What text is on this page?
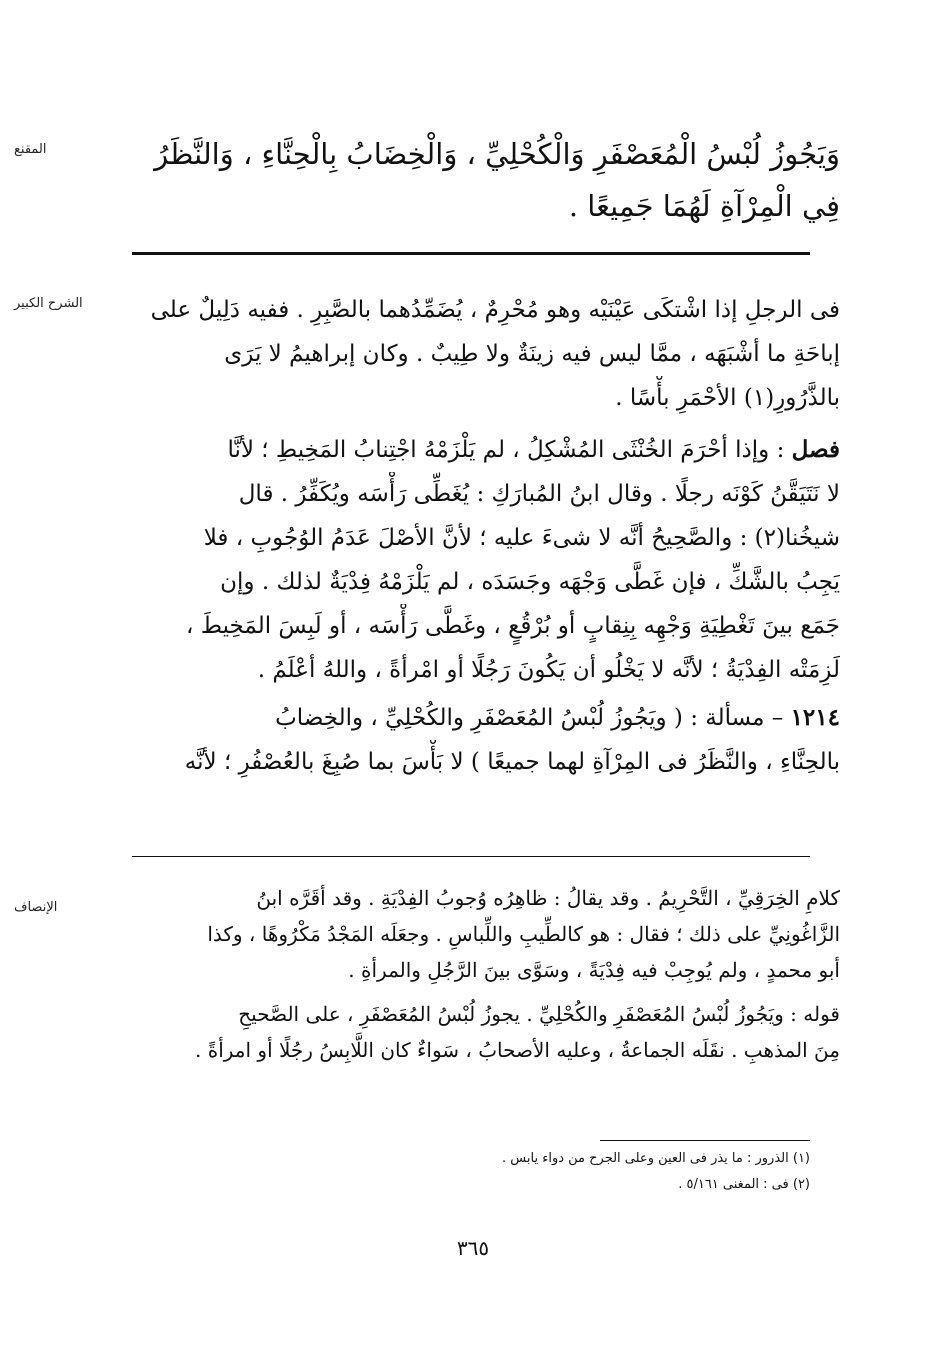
المقنع	وَيَجُوزُ لُبْسُ الْمُعَصْفَرِ وَالْكُحْلِيِّ ، وَالْخِضَابُ بِالْحِنَّاءِ ، وَالنَّظَرُ
فِي الْمِرْآةِ لَهُمَا جَمِيعًا .
الشرح الكبير	فى الرجلِ إذا اشْتكَى عَيْنَيْه وهو مُحْرِمٌ ، يُضَمِّدُهما بالصَّبِرِ . ففيه دَلِيلٌ على
إباحَةِ ما أشْبَهَه ، ممَّا ليس فيه زينَةٌ ولا طِيبٌ . وكان إبراهيمُ لا يَرَى
بالذَّرُورِ(١) الأحْمَرِ بأْسًا .
فصل : وإذا أحْرَمَ الخُنْثَى المُشْكِلُ ، لم يَلْزَمْهُ اجْتِنابُ المَخِيطِ ؛ لأنَّا
لا نَتَيَقَّنُ كَوْنَه رجلًا . وقال ابنُ المُبارَكِ : يُغَطِّى رَأْسَه ويُكَفِّرُ . قال
شيخُنا(٢) : والصَّحِيحُ أنَّه لا شىءَ عليه ؛ لأنَّ الأصْلَ عَدَمُ الوُجُوبِ ، فلا
يَجِبُ بالشَّكِّ ، فإن غَطَّى وَجْهَه وجَسَدَه ، لم يَلْزَمْهُ فِدْيَةٌ لذلك . وإن
جَمَع بينَ تَغْطِيَةِ وَجْهِه بِنِقابٍ أو بُرْقُعٍ ، وغَطَّى رَأْسَه ، أو لَبِسَ المَخِيطَ ،
لَزِمَتْه الفِدْيَةُ ؛ لأنَّه لا يَخْلُو أن يَكُونَ رَجُلًا أو امْرأةً ، واللهُ أعْلَمُ .
١٢١٤ – مسألة : ( ويَجُوزُ لُبْسُ المُعَصْفَرِ والكُحْلِيِّ ، والخِضابُ
بالحِنَّاءِ ، والنَّظَرُ فى المِرْآةِ لهما جميعًا ) لا بَأْسَ بما صُبِغَ بالعُصْفُرِ ؛ لأنَّه
الإنصاف	كلامِ الخِرَقِيِّ ، التَّحْرِيمُ . وقد يقالُ : ظاهِرُه وُجوبُ الفِدْيَةِ . وقد أقَرَّه ابنُ
الزَّاغُونِيِّ على ذلك ؛ فقال : هو كالطِّيبِ واللِّباسِ . وجعَلَه المَجْدُ مَكْرُوهًا ، وكذا
أبو محمدٍ ، ولم يُوجِبْ فيه فِدْيَةً ، وسَوَّى بينَ الرَّجُلِ والمرأةِ .
قوله : ويَجُوزُ لُبْسُ المُعَصْفَرِ والكُحْلِيِّ . يجوزُ لُبْسُ المُعَصْفَرِ ، على الصَّحيحِ
مِنَ المذهبِ . نقَلَه الجماعةُ ، وعليه الأصحابُ ، سَواءٌ كان اللَّابِسُ رجُلًا أو امرأةً .
(١) الذرور : ما يذر فى العين وعلى الجرح من دواء يابس .
(٢) فى : المغنى ٥/١٦١ .
٣٦٥
